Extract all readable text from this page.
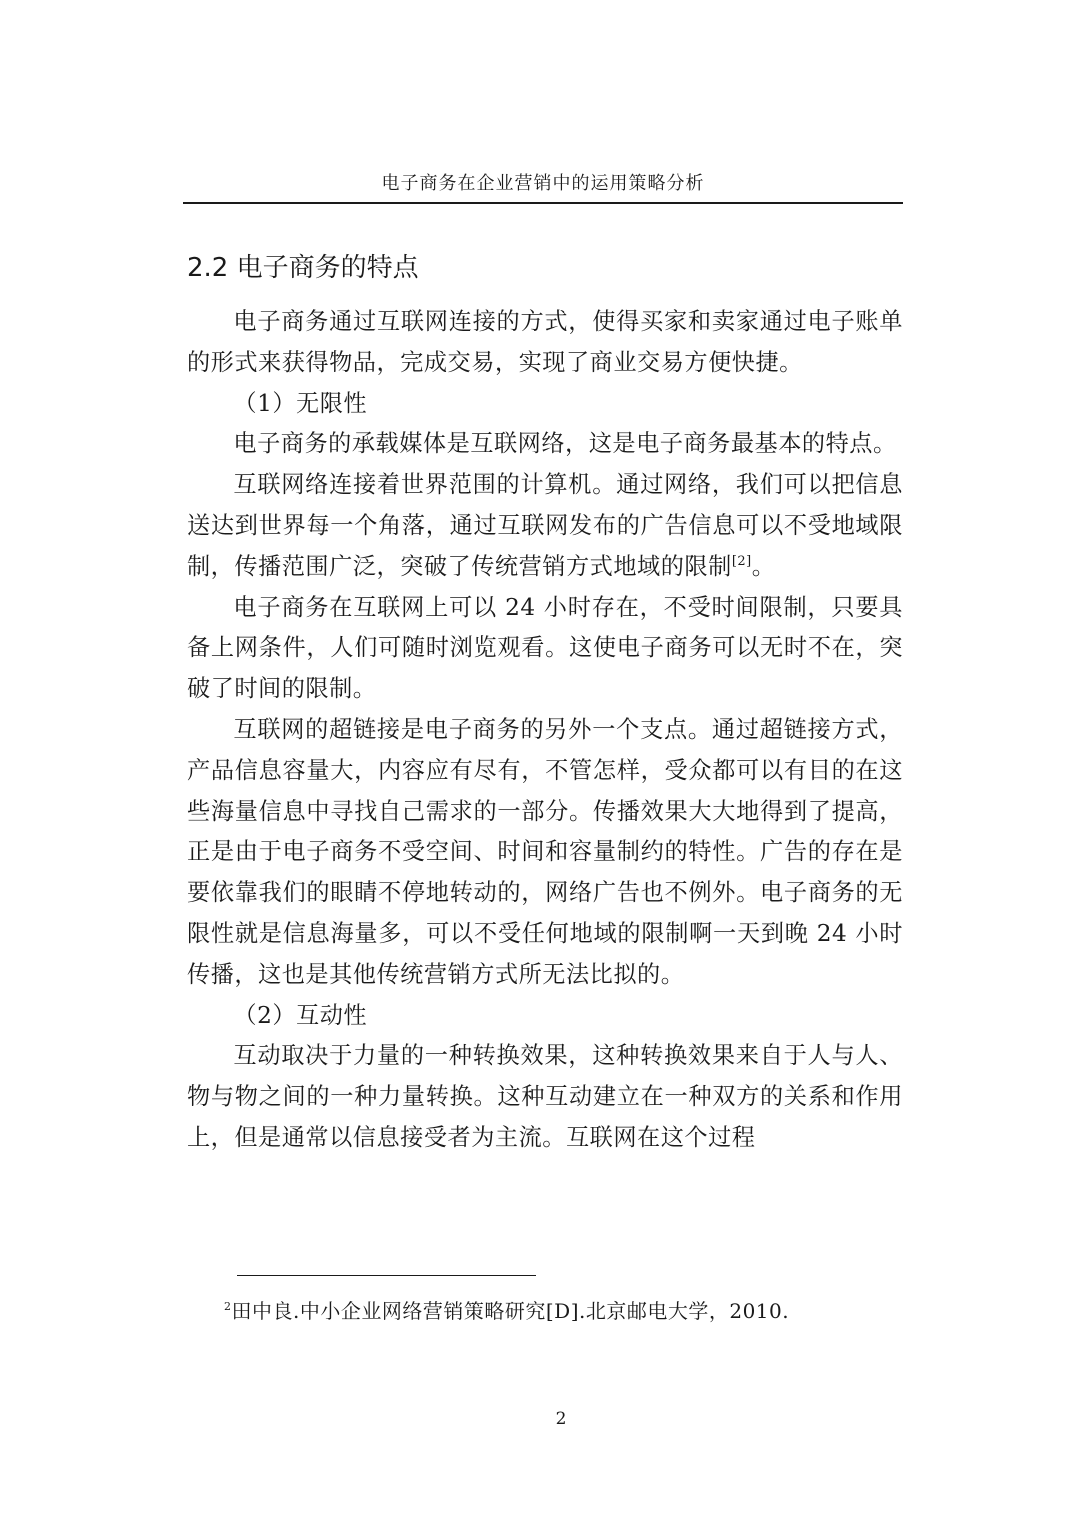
电子商务在企业营销中的运用策略分析
2.2 电子商务的特点

电子商务通过互联网连接的方式，使得买家和卖家通过电子账单的形式来获得物品，完成交易，实现了商业交易方便快捷。

（1）无限性

电子商务的承载媒体是互联网络，这是电子商务最基本的特点。

互联网络连接着世界范围的计算机。通过网络，我们可以把信息送达到世界每一个角落，通过互联网发布的广告信息可以不受地域限制，传播范围广泛，突破了传统营销方式地域的限制[2]。

电子商务在互联网上可以 24 小时存在，不受时间限制，只要具备上网条件，人们可随时浏览观看。这使电子商务可以无时不在，突破了时间的限制。

互联网的超链接是电子商务的另外一个支点。通过超链接方式，产品信息容量大，内容应有尽有，不管怎样，受众都可以有目的在这些海量信息中寻找自己需求的一部分。传播效果大大地得到了提高，正是由于电子商务不受空间、时间和容量制约的特性。广告的存在是要依靠我们的眼睛不停地转动的，网络广告也不例外。电子商务的无限性就是信息海量多，可以不受任何地域的限制啊一天到晚 24 小时传播，这也是其他传统营销方式所无法比拟的。

（2）互动性

互动取决于力量的一种转换效果，这种转换效果来自于人与人、物与物之间的一种力量转换。这种互动建立在一种双方的关系和作用上，但是通常以信息接受者为主流。互联网在这个过程

$^2$田中良.中小企业网络营销策略研究[D].北京邮电大学，2010.
2
